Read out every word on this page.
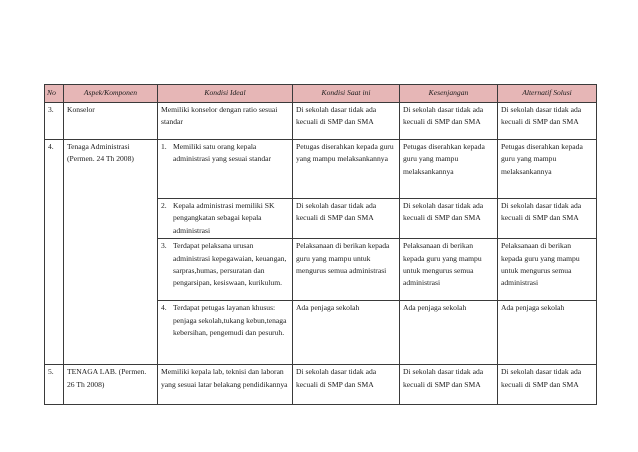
No	Aspek/Komponen	Kondisi Ideal	Kondisi Saat ini	Kesenjangan	Alternatif Solusi
3.	Konselor	Memiliki konselor dengan ratio sesuai standar	Di sekolah dasar tidak ada kecuali di SMP dan SMA	Di sekolah dasar tidak ada kecuali di SMP dan SMA	Di sekolah dasar tidak ada kecuali di SMP dan SMA
4.	Tenaga Administrasi (Permen. 24 Th 2008)	1. Memiliki satu orang kepala administrasi yang sesuai standar	Petugas diserahkan kepada guru yang mampu melaksankannya	Petugas diserahkan kepada guru yang mampu melaksankannya	Petugas diserahkan kepada guru yang mampu melaksankannya

		2. Kepala administrasi memiliki SK pengangkatan sebagai kepala administrasi	Di sekolah dasar tidak ada kecuali di SMP dan SMA	Di sekolah dasar tidak ada kecuali di SMP dan SMA	Di sekolah dasar tidak ada kecuali di SMP dan SMA

		3. Terdapat pelaksana urusan administrasi kepegawaian, keuangan, sarpras,humas, persuratan dan pengarsipan, kesiswaan, kurikulum.	Pelaksanaan di berikan kepada guru yang mampu untuk mengurus semua administrasi	Pelaksanaan di berikan kepada guru yang mampu untuk mengurus semua administrasi	Pelaksanaan di berikan kepada guru yang mampu untuk mengurus semua administrasi

		4. Terdapat petugas layanan khusus: penjaga sekolah,tukang kebun,tenaga kebersihan, pengemudi dan pesuruh.	Ada penjaga sekolah	Ada penjaga sekolah	Ada penjaga sekolah
5.	TENAGA LAB. (Permen. 26 Th 2008)	Memiliki kepala lab, teknisi dan laboran yang sesuai latar belakang pendidikannya	Di sekolah dasar tidak ada kecuali di SMP dan SMA	Di sekolah dasar tidak ada kecuali di SMP dan SMA	Di sekolah dasar tidak ada kecuali di SMP dan SMA
